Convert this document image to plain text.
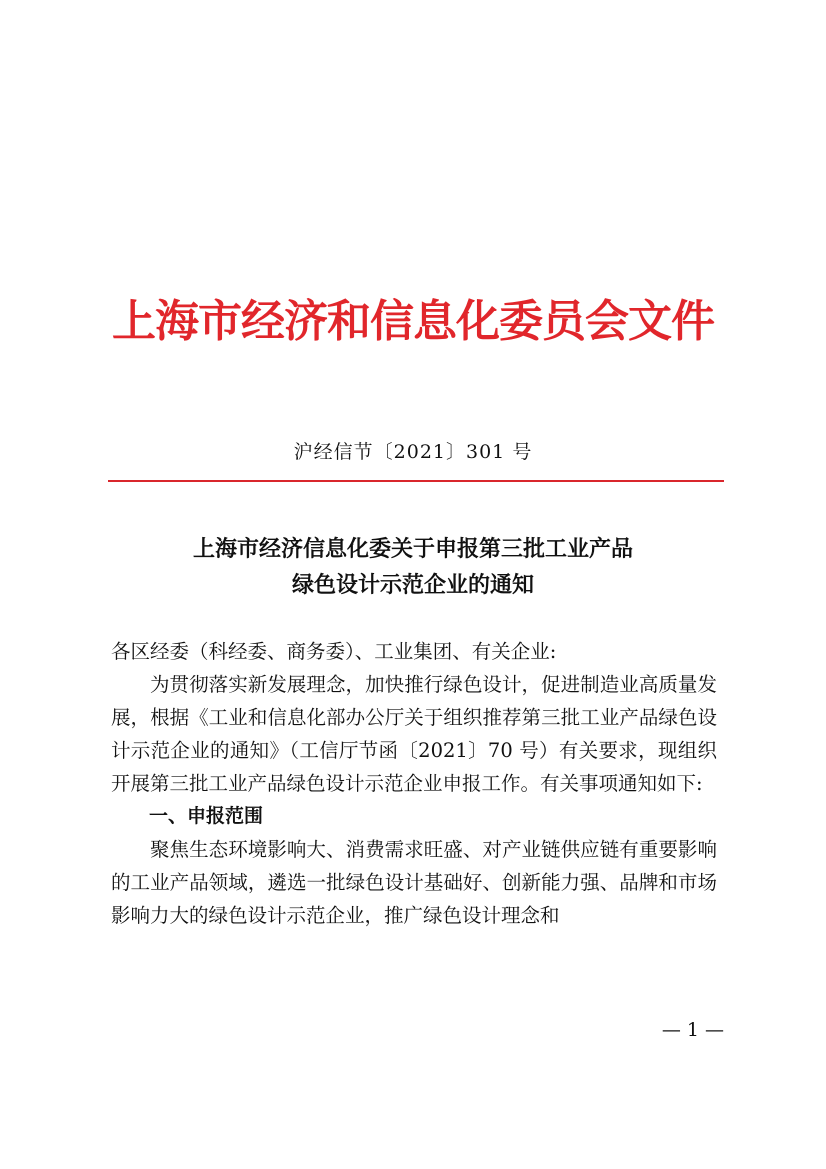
上海市经济和信息化委员会文件
沪经信节〔2021〕301 号
上海市经济信息化委关于申报第三批工业产品
绿色设计示范企业的通知

各区经委（科经委、商务委）、工业集团、有关企业:

为贯彻落实新发展理念，加快推行绿色设计，促进制造业高质量发展，根据《工业和信息化部办公厅关于组织推荐第三批工业产品绿色设计示范企业的通知》（工信厅节函〔2021〕70 号）有关要求，现组织开展第三批工业产品绿色设计示范企业申报工作。有关事项通知如下:

一、申报范围

聚焦生态环境影响大、消费需求旺盛、对产业链供应链有重要影响的工业产品领域，遴选一批绿色设计基础好、创新能力强、品牌和市场影响力大的绿色设计示范企业，推广绿色设计理念和

— 1 —
